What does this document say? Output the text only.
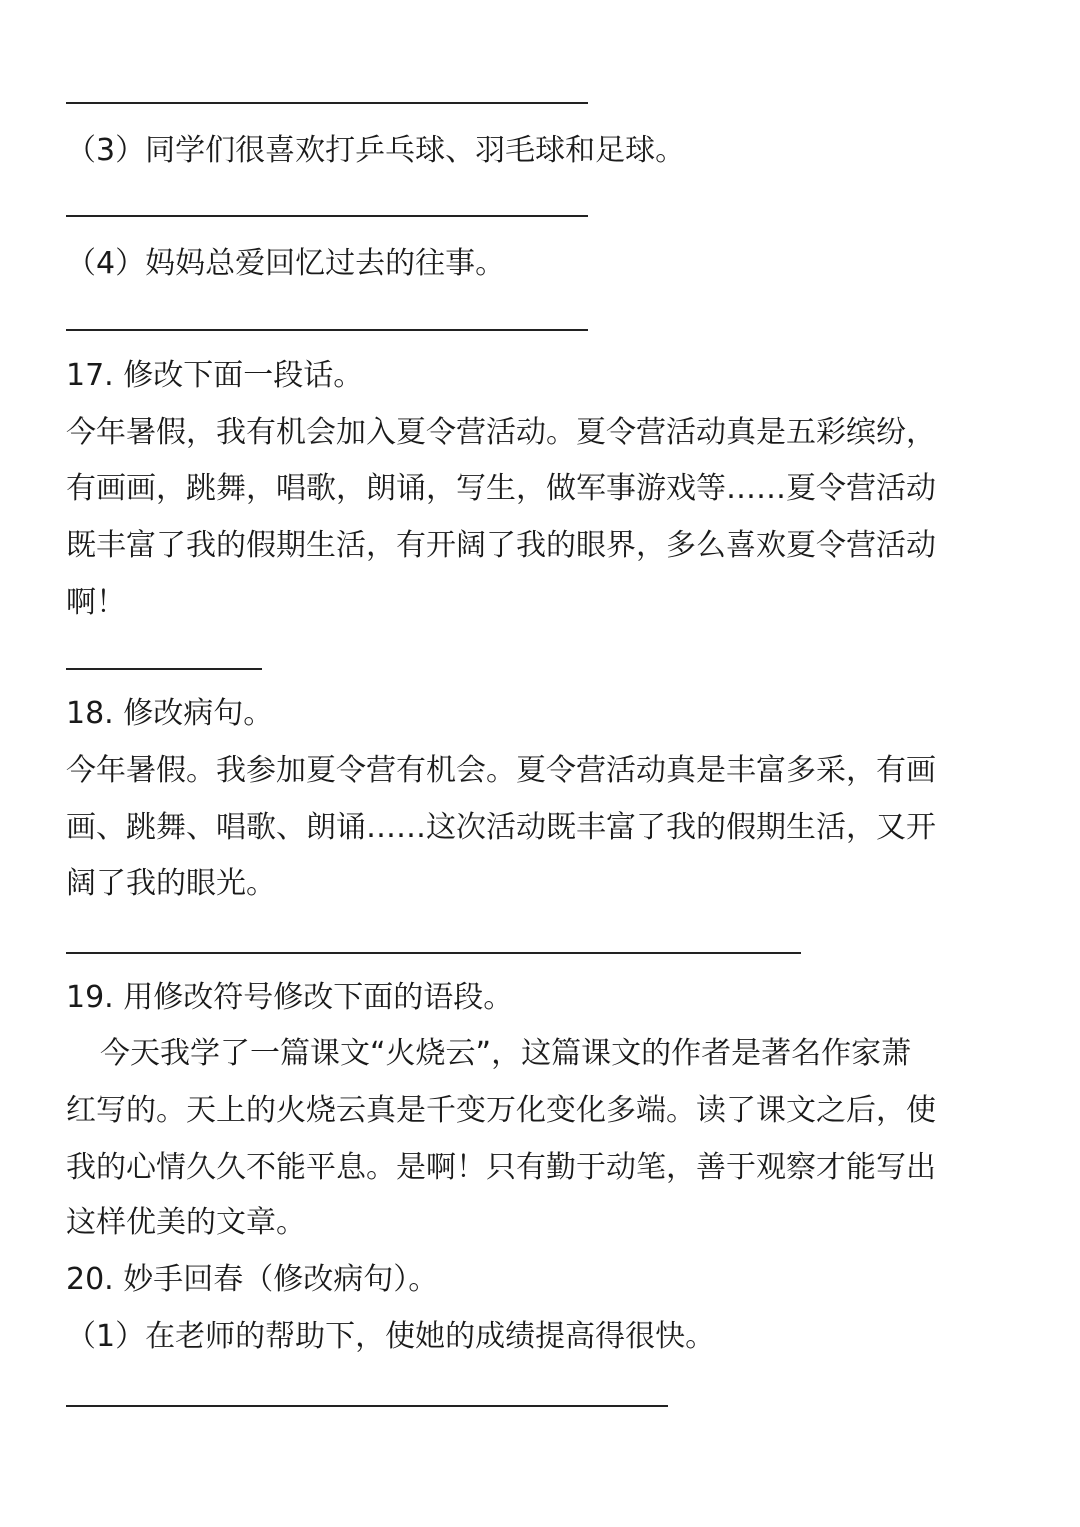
（3）同学们很喜欢打乒乓球、羽毛球和足球。
（4）妈妈总爱回忆过去的往事。
17. 修改下面一段话。
今年暑假，我有机会加入夏令营活动。夏令营活动真是五彩缤纷，
有画画，跳舞，唱歌，朗诵，写生，做军事游戏等……夏令营活动
既丰富了我的假期生活，有开阔了我的眼界，多么喜欢夏令营活动
啊！
18. 修改病句。
今年暑假。我参加夏令营有机会。夏令营活动真是丰富多采，有画
画、跳舞、唱歌、朗诵……这次活动既丰富了我的假期生活，又开
阔了我的眼光。
19. 用修改符号修改下面的语段。
今天我学了一篇课文“火烧云”，这篇课文的作者是著名作家萧
红写的。天上的火烧云真是千变万化变化多端。读了课文之后，使
我的心情久久不能平息。是啊！只有勤于动笔，善于观察才能写出
这样优美的文章。
20. 妙手回春（修改病句）。
（1）在老师的帮助下，使她的成绩提高得很快。
